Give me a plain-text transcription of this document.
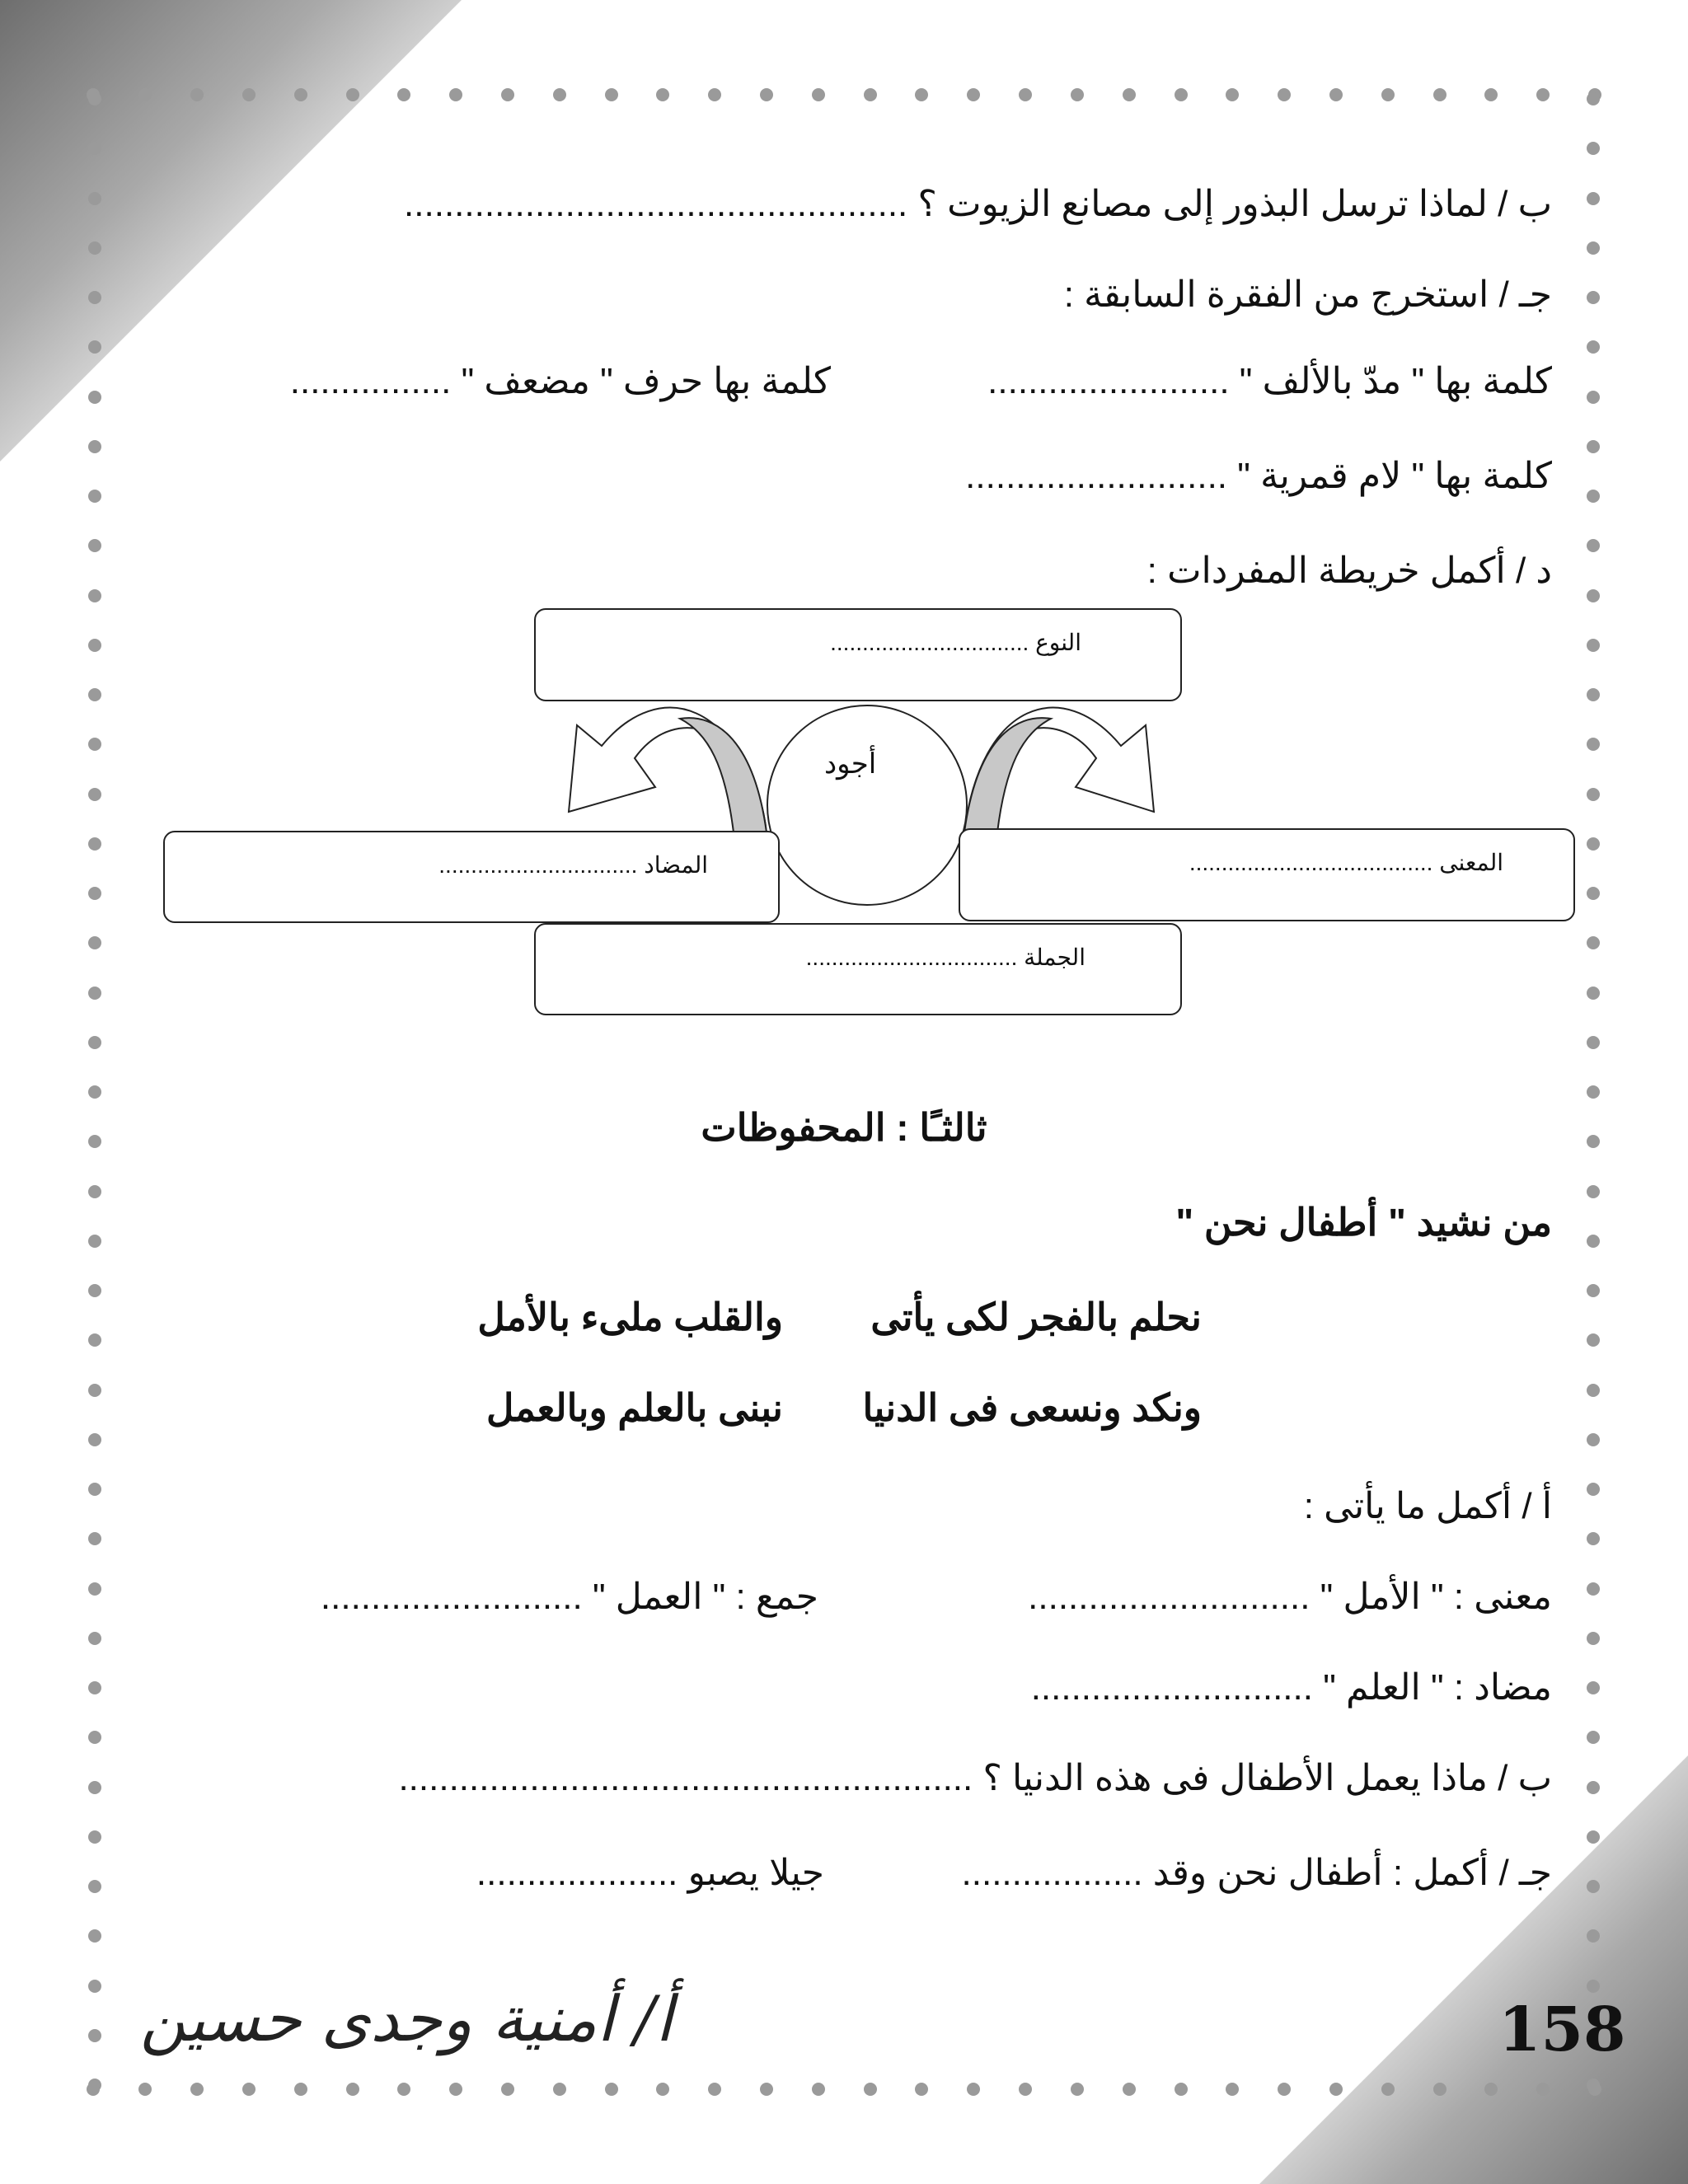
ب / لماذا ترسل البذور إلى مصانع الزيوت ؟ ..................................................
جـ / استخرج من الفقرة السابقة :
كلمة بها " مدّ بالألف " ........................
كلمة بها حرف " مضعف " ................
كلمة بها " لام قمرية " ..........................
د / أكمل خريطة المفردات :
النوع ...............................
أجود
المضاد ...............................	المعنى ......................................
الجملة .................................
ثالثـًا : المحفوظات
من نشيد " أطفال نحن "
نحلم بالفجر لكى يأتى
والقلب ملىء بالأمل
ونكد ونسعى فى الدنيا
نبنى بالعلم وبالعمل
أ / أكمل ما يأتى :
معنى : " الأمل " ............................
جمع : " العمل " ..........................
مضاد : " العلم " ............................
ب / ماذا يعمل الأطفال فى هذه الدنيا ؟ .........................................................
جـ / أكمل : أطفال نحن وقد ..................
جيلا يصبو ....................
أ/ أمنية وجدى حسين	158
